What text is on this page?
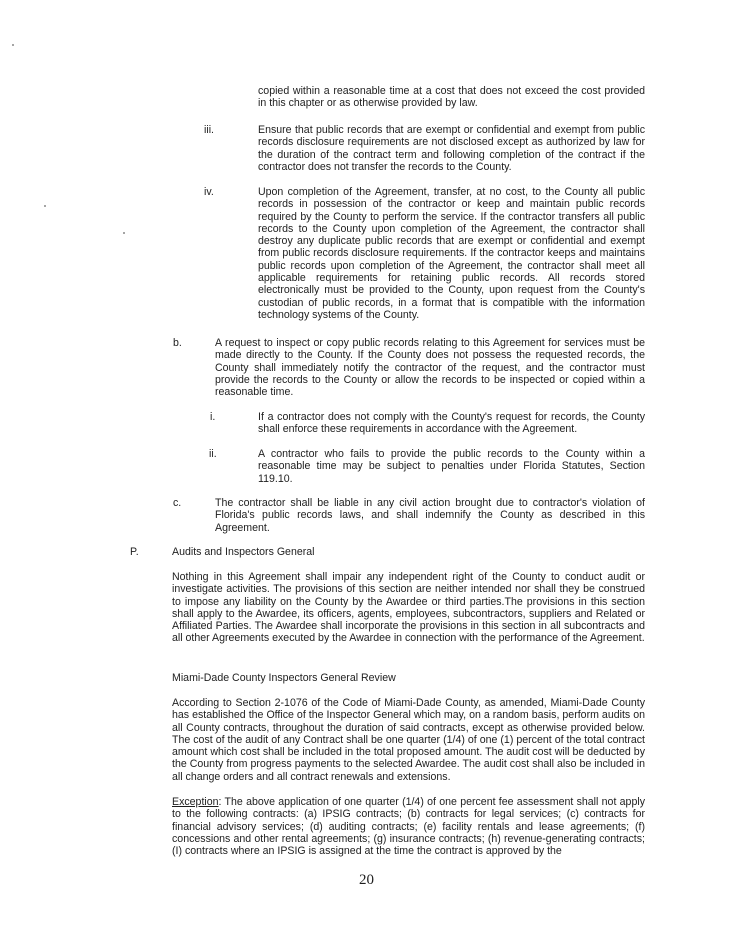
copied within a reasonable time at a cost that does not exceed the cost provided in this chapter or as otherwise provided by law.
iii.	Ensure that public records that are exempt or confidential and exempt from public records disclosure requirements are not disclosed except as authorized by law for the duration of the contract term and following completion of the contract if the contractor does not transfer the records to the County.
iv.	Upon completion of the Agreement, transfer, at no cost, to the County all public records in possession of the contractor or keep and maintain public records required by the County to perform the service. If the contractor transfers all public records to the County upon completion of the Agreement, the contractor shall destroy any duplicate public records that are exempt or confidential and exempt from public records disclosure requirements. If the contractor keeps and maintains public records upon completion of the Agreement, the contractor shall meet all applicable requirements for retaining public records. All records stored electronically must be provided to the County, upon request from the County's custodian of public records, in a format that is compatible with the information technology systems of the County.
b.	A request to inspect or copy public records relating to this Agreement for services must be made directly to the County. If the County does not possess the requested records, the County shall immediately notify the contractor of the request, and the contractor must provide the records to the County or allow the records to be inspected or copied within a reasonable time.
i.	If a contractor does not comply with the County's request for records, the County shall enforce these requirements in accordance with the Agreement.
ii.	A contractor who fails to provide the public records to the County within a reasonable time may be subject to penalties under Florida Statutes, Section 119.10.
c.	The contractor shall be liable in any civil action brought due to contractor's violation of Florida's public records laws, and shall indemnify the County as described in this Agreement.
P.	Audits and Inspectors General
Nothing in this Agreement shall impair any independent right of the County to conduct audit or investigate activities. The provisions of this section are neither intended nor shall they be construed to impose any liability on the County by the Awardee or third parties.The provisions in this section shall apply to the Awardee, its officers, agents, employees, subcontractors, suppliers and Related or Affiliated Parties. The Awardee shall incorporate the provisions in this section in all subcontracts and all other Agreements executed by the Awardee in connection with the performance of the Agreement.
Miami-Dade County Inspectors General Review
According to Section 2-1076 of the Code of Miami-Dade County, as amended, Miami-Dade County has established the Office of the Inspector General which may, on a random basis, perform audits on all County contracts, throughout the duration of said contracts, except as otherwise provided below. The cost of the audit of any Contract shall be one quarter (1/4) of one (1) percent of the total contract amount which cost shall be included in the total proposed amount. The audit cost will be deducted by the County from progress payments to the selected Awardee. The audit cost shall also be included in all change orders and all contract renewals and extensions.
Exception: The above application of one quarter (1/4) of one percent fee assessment shall not apply to the following contracts: (a) IPSIG contracts; (b) contracts for legal services; (c) contracts for financial advisory services; (d) auditing contracts; (e) facility rentals and lease agreements; (f) concessions and other rental agreements; (g) insurance contracts; (h) revenue-generating contracts; (I) contracts where an IPSIG is assigned at the time the contract is approved by the
20
